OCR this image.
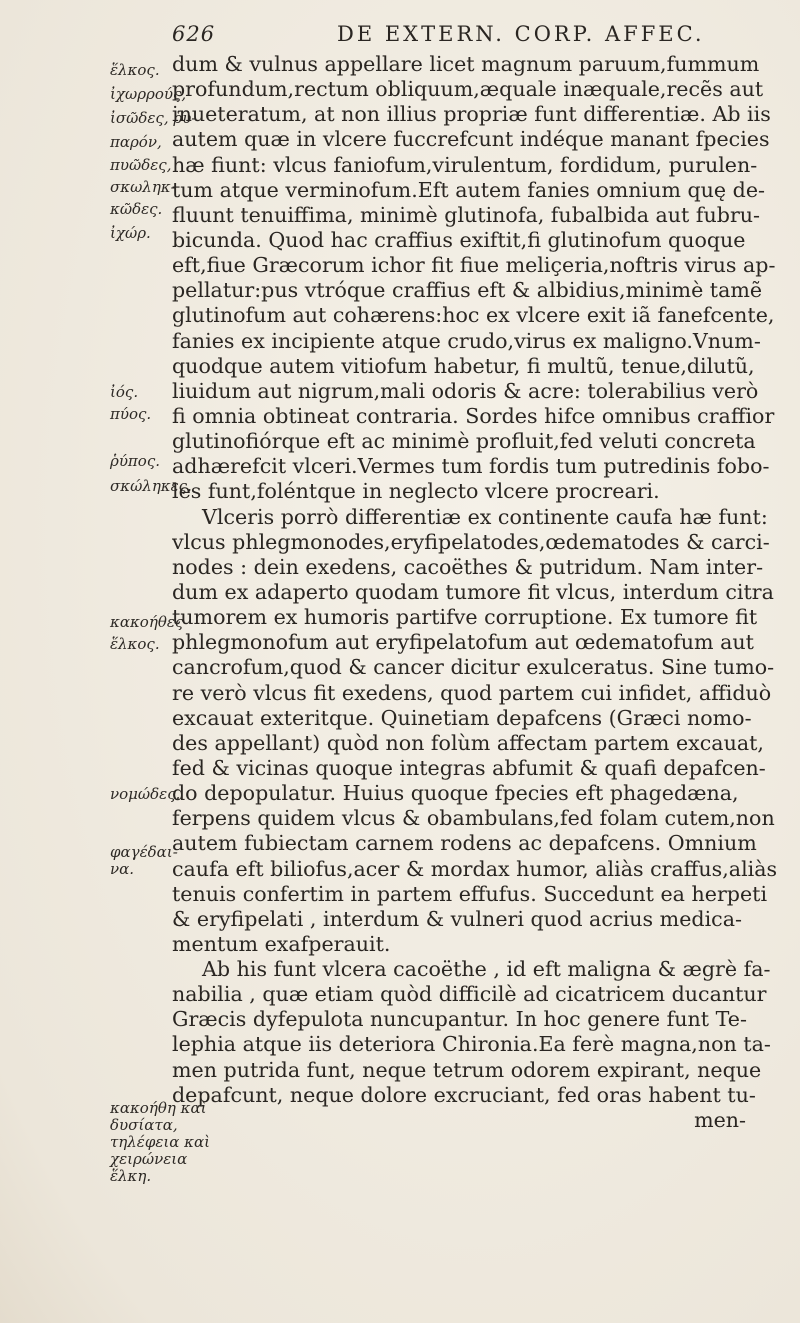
626	DE EXTERN. CORP. AFFEC.
ἕλκος.
ἰχωρρούς,
ἰσῶδες, ῥυ-
παρόν,
πυῶδες,
σκωληκ-
κῶδες.
ἰχώρ.
ἰός.
πύος.
ῥύπος.
σκώληκες.
κακοήθες
ἕλκος.
νομώδες.
φαγέδαι-
να.
κακοήθη καὶ
δυσίατα,
τηλέφεια καὶ
χειρώνεια
ἕλκη.
dum & vulnus appellare licet magnum paruum,fummum
profundum,rectum obliquum,æquale inæquale,recẽs aut
inueteratum, at non illius propriæ funt differentiæ. Ab iis
autem quæ in vlcere fuccrefcunt indéque manant fpecies
hæ fiunt: vlcus faniofum,virulentum, fordidum, purulen-
tum atque verminofum.Eft autem fanies omnium quę de-
fluunt tenuiffima, minimè glutinofa, fubalbida aut fubru-
bicunda. Quod hac craffius exiftit,fi glutinofum quoque
eft,fiue Græcorum ichor fit fiue meliçeria,noftris virus ap-
pellatur:pus vtróque craffius eft & albidius,minimè tamẽ
glutinofum aut cohærens:hoc ex vlcere exit iã fanefcente,
fanies ex incipiente atque crudo,virus ex maligno.Vnum-
quodque autem vitiofum habetur, fi multũ, tenue,dilutũ,
liuidum aut nigrum,mali odoris & acre: tolerabilius verò
fi omnia obtineat contraria. Sordes hifce omnibus craffior
glutinofiórque eft ac minimè profluit,fed veluti concreta
adhærefcit vlceri.Vermes tum fordis tum putredinis fobo-
les funt,foléntque in neglecto vlcere procreari.
Vlceris porrò differentiæ ex continente caufa hæ funt:
vlcus phlegmonodes,eryfipelatodes,œdematodes & carci-
nodes : dein exedens, cacoëthes & putridum. Nam inter-
dum ex adaperto quodam tumore fit vlcus, interdum citra
tumorem ex humoris partifve corruptione. Ex tumore fit
phlegmonofum aut eryfipelatofum aut œdematofum aut
cancrofum,quod & cancer dicitur exulceratus. Sine tumo-
re verò vlcus fit exedens, quod partem cui infidet, affiduò
excauat exteritque. Quinetiam depafcens (Græci nomo-
des appellant) quòd non folùm affectam partem excauat,
fed & vicinas quoque integras abfumit & quafi depafcen-
do depopulatur. Huius quoque fpecies eft phagedæna,
ferpens quidem vlcus & obambulans,fed folam cutem,non
autem fubiectam carnem rodens ac depafcens. Omnium
caufa eft biliofus,acer & mordax humor, aliàs craffus,aliàs
tenuis confertim in partem effufus. Succedunt ea herpeti
& eryfipelati , interdum & vulneri quod acrius medica-
mentum exafperauit.
Ab his funt vlcera cacoëthe , id eft maligna & ægrè fa-
nabilia , quæ etiam quòd difficilè ad cicatricem ducantur
Græcis dyfepulota nuncupantur. In hoc genere funt Te-
lephia atque iis deteriora Chironia.Ea ferè magna,non ta-
men putrida funt, neque tetrum odorem expirant, neque
depafcunt, neque dolore excruciant, fed oras habent tu-
men-
